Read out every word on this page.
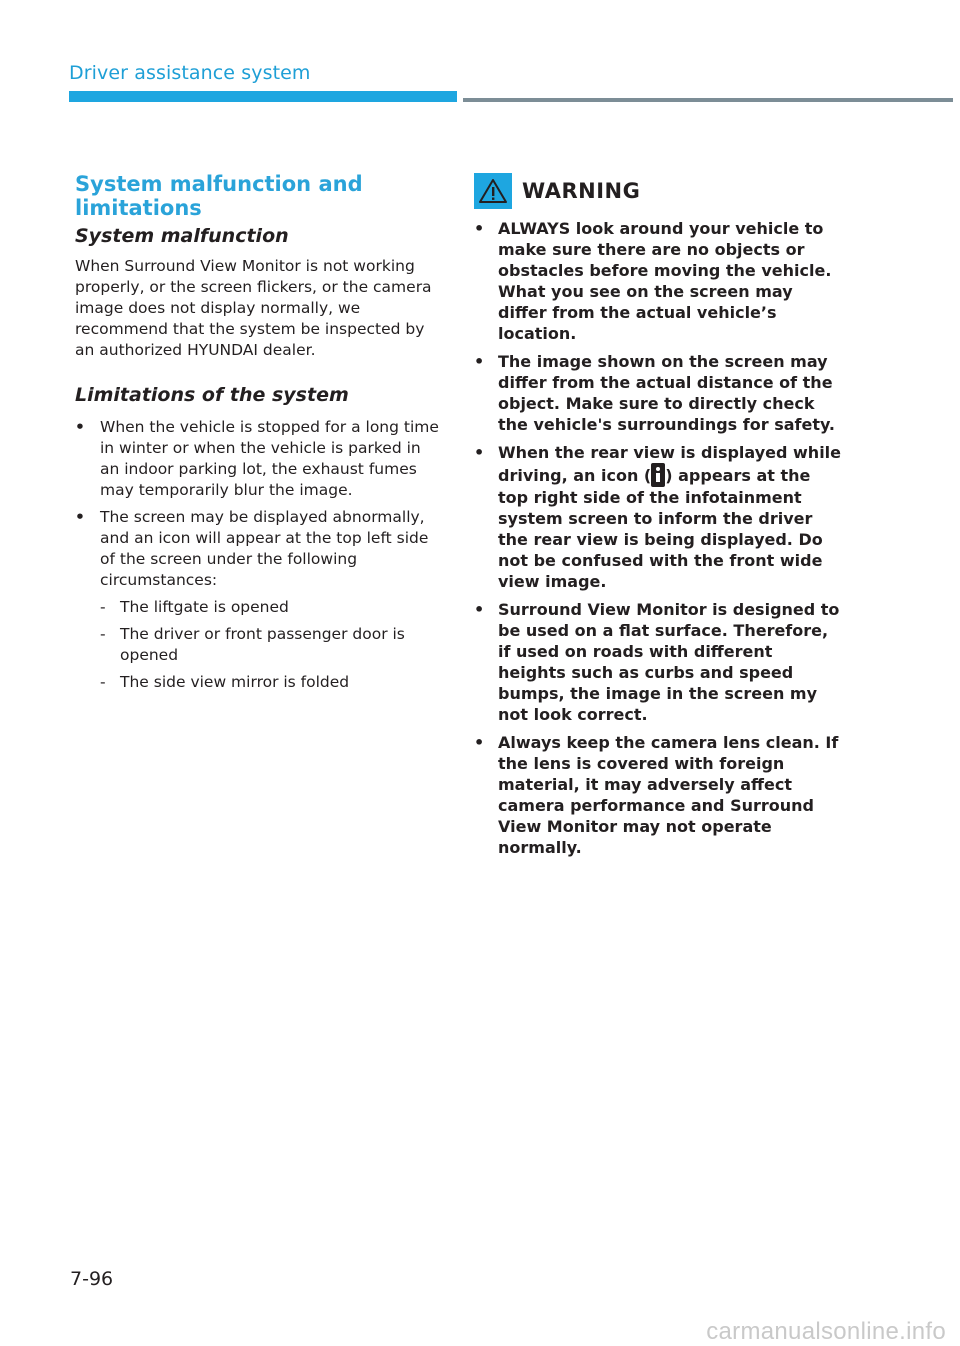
Driver assistance system
System malfunction and limitations
System malfunction

When Surround View Monitor is not working properly, or the screen flickers, or the camera image does not display normally, we recommend that the system be inspected by an authorized HYUNDAI dealer.

Limitations of the system
• When the vehicle is stopped for a long time in winter or when the vehicle is parked in an indoor parking lot, the exhaust fumes may temporarily blur the image.
• The screen may be displayed abnormally, and an icon will appear at the top left side of the screen under the following circumstances:
- The liftgate is opened
- The driver or front passenger door is opened
- The side view mirror is folded
WARNING
• ALWAYS look around your vehicle to make sure there are no objects or obstacles before moving the vehicle. What you see on the screen may differ from the actual vehicle’s location.
• The image shown on the screen may differ from the actual distance of the object. Make sure to directly check the vehicle's surroundings for safety.
• When the rear view is displayed while driving, an icon ( ) appears at the top right side of the infotainment system screen to inform the driver the rear view is being displayed. Do not be confused with the front wide view image.
• Surround View Monitor is designed to be used on a flat surface. Therefore, if used on roads with different heights such as curbs and speed bumps, the image in the screen my not look correct.
• Always keep the camera lens clean. If the lens is covered with foreign material, it may adversely affect camera performance and Surround View Monitor may not operate normally.
7-96
carmanualsonline.info
